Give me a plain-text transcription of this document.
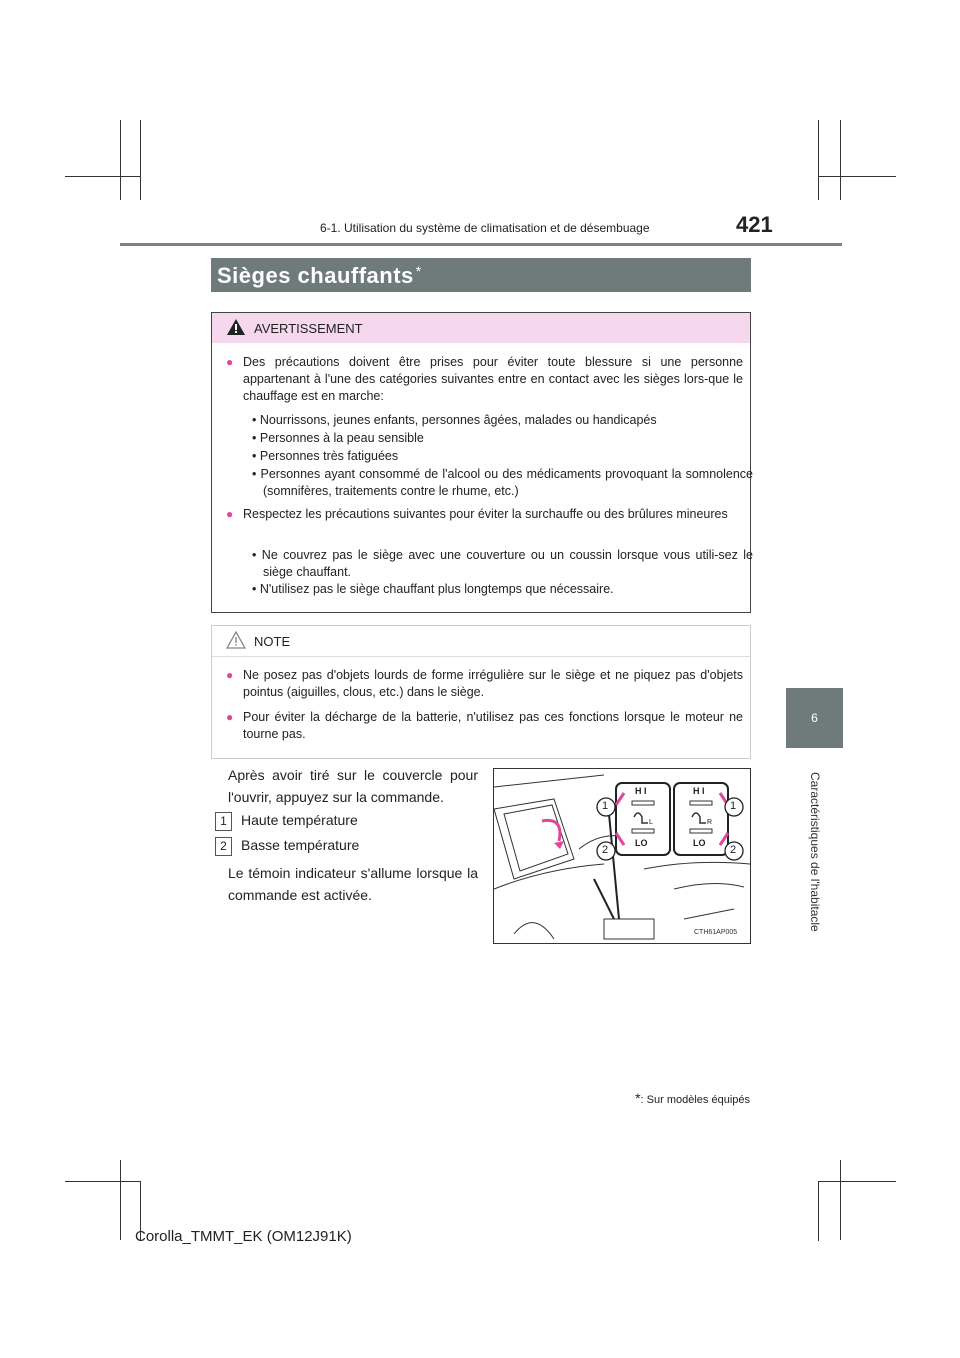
6-1. Utilisation du système de climatisation et de désembuage	421
6
Caractéristiques de l'habitacle
Sièges chauffants *
AVERTISSEMENT
● Des précautions doivent être prises pour éviter toute blessure si une personne appartenant à l'une des catégories suivantes entre en contact avec les sièges lors-que le chauffage est en marche:
• Nourrissons, jeunes enfants, personnes âgées, malades ou handicapés
• Personnes à la peau sensible
• Personnes très fatiguées
• Personnes ayant consommé de l'alcool ou des médicaments provoquant la somnolence (somnifères, traitements contre le rhume, etc.)
● Respectez les précautions suivantes pour éviter la surchauffe ou des brûlures mineures
• Ne couvrez pas le siège avec une couverture ou un coussin lorsque vous utili-sez le siège chauffant.
• N'utilisez pas le siège chauffant plus longtemps que nécessaire.
NOTE
● Ne posez pas d'objets lourds de forme irrégulière sur le siège et ne piquez pas d'objets pointus (aiguilles, clous, etc.) dans le siège.
● Pour éviter la décharge de la batterie, n'utilisez pas ces fonctions lorsque le moteur ne tourne pas.
Après avoir tiré sur le couvercle pour l'ouvrir, appuyez sur la commande.
1	Haute température
2	Basse température
Le témoin indicateur s'allume lorsque la commande est activée.
H I	H I
LO	LO
L	R
1	1
2	2
CTH61AP005
*: Sur modèles équipés
Corolla_TMMT_EK (OM12J91K)
